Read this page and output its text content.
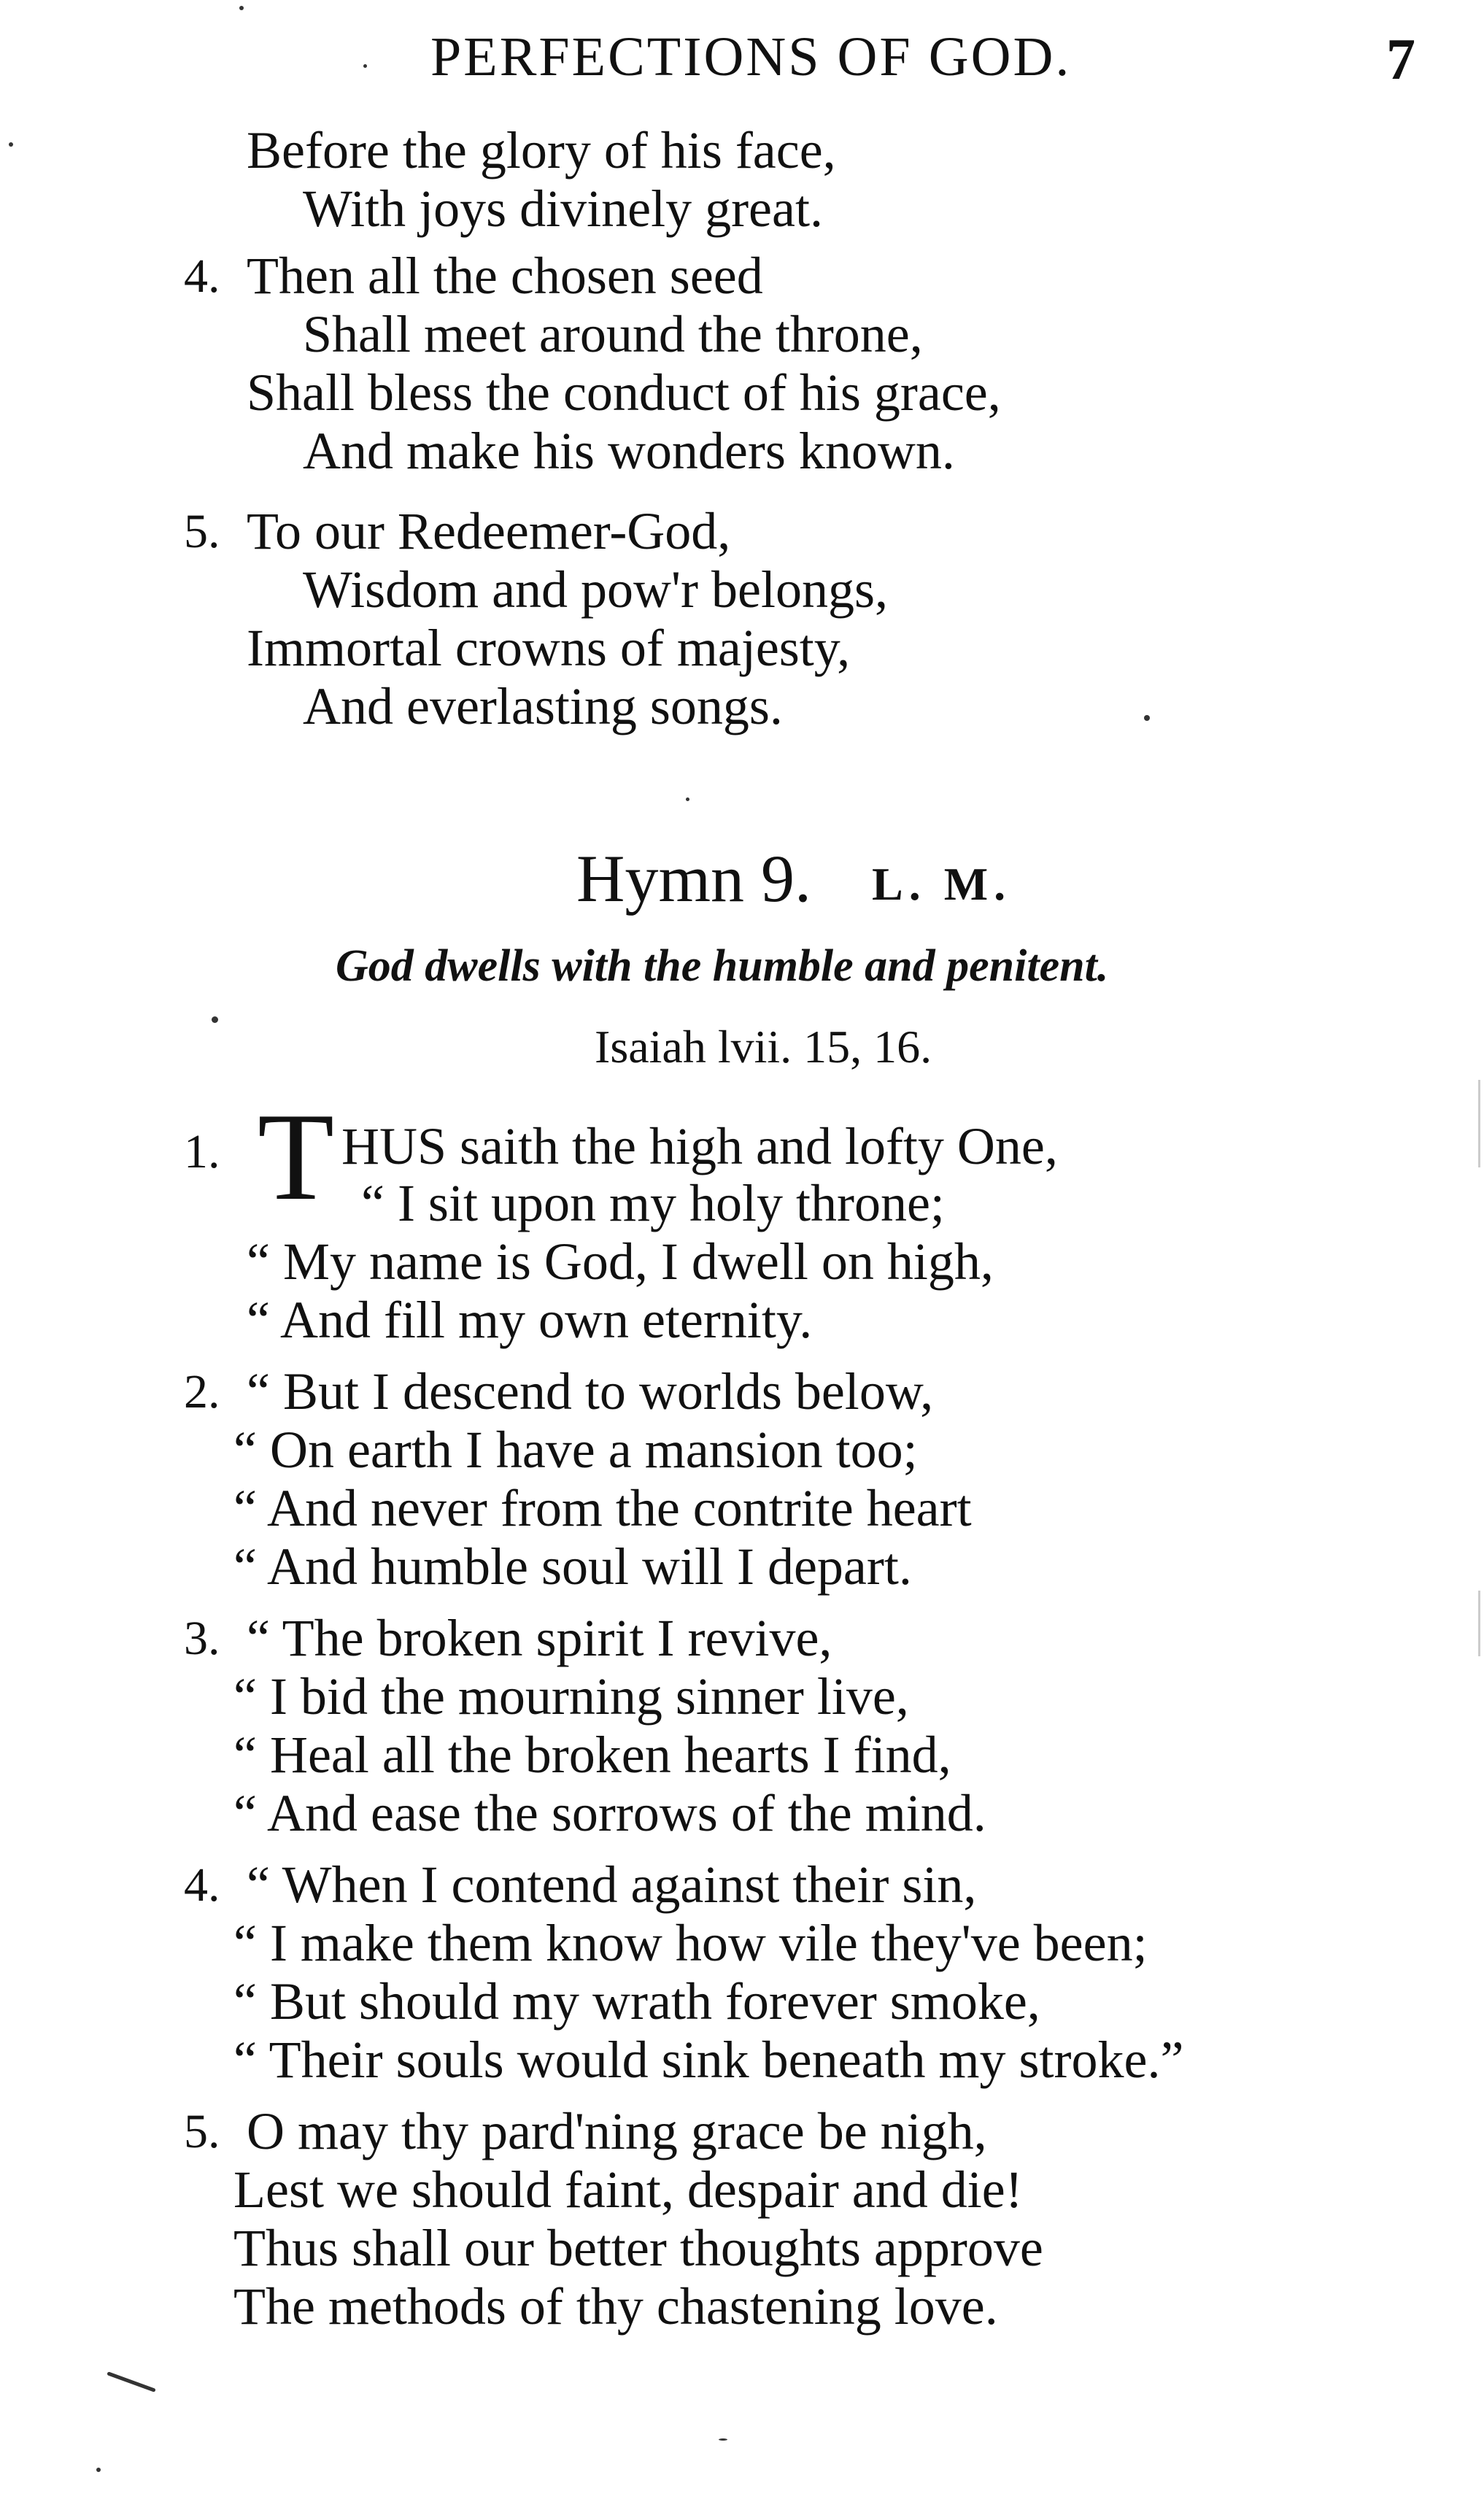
PERFECTIONS OF GOD.	7
Before the glory of his face,
With joys divinely great.
4. Then all the chosen seed
Shall meet around the throne,
Shall bless the conduct of his grace,
And make his wonders known.
5. To our Redeemer-God,
Wisdom and pow'r belongs,
Immortal crowns of majesty,
And everlasting songs.
Hymn 9. L. M.
God dwells with the humble and penitent.
Isaiah lvii. 15, 16.
1. T HUS saith the high and lofty One,
“ I sit upon my holy throne;
“ My name is God, I dwell on high,
“ And fill my own eternity.
2. “ But I descend to worlds below,
“ On earth I have a mansion too;
“ And never from the contrite heart
“ And humble soul will I depart.
3. “ The broken spirit I revive,
“ I bid the mourning sinner live,
“ Heal all the broken hearts I find,
“ And ease the sorrows of the mind.
4. “ When I contend against their sin,
“ I make them know how vile they've been;
“ But should my wrath forever smoke,
“ Their souls would sink beneath my stroke.”
5. O may thy pard'ning grace be nigh,
Lest we should faint, despair and die!
Thus shall our better thoughts approve
The methods of thy chastening love.
